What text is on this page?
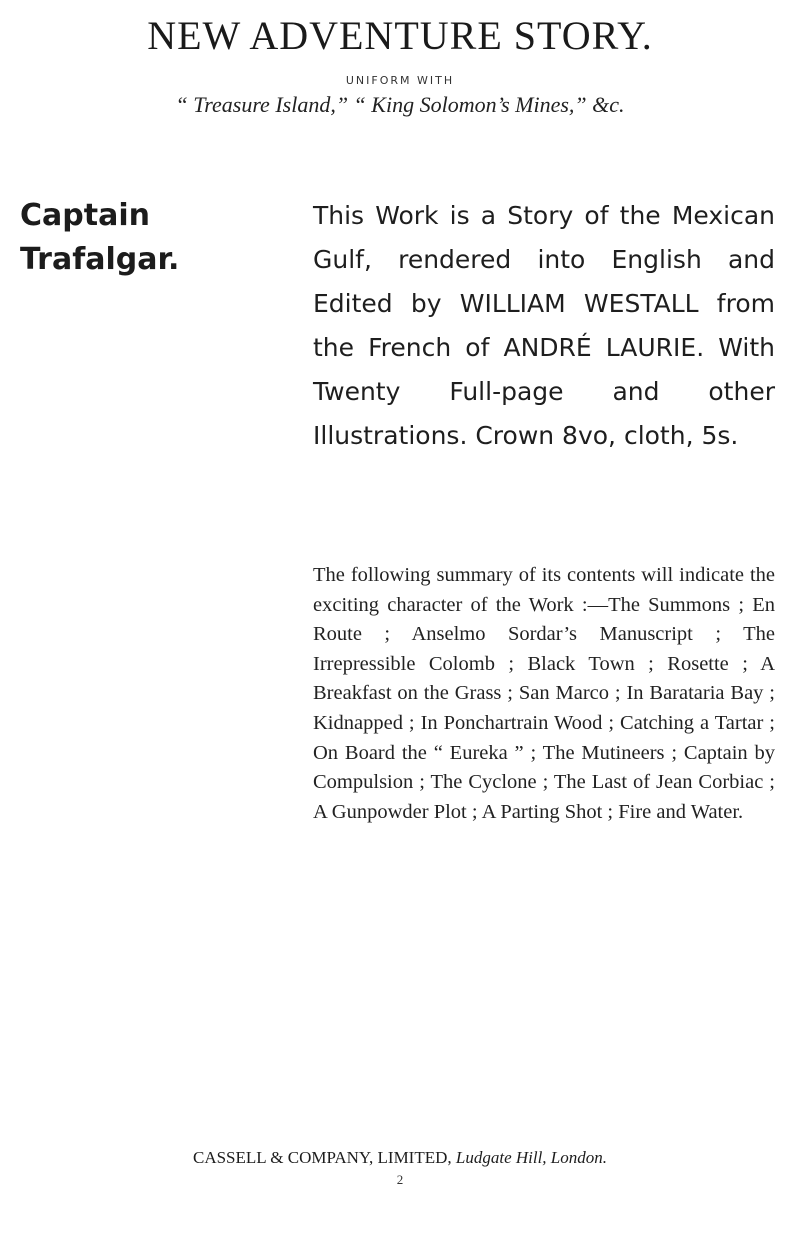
NEW ADVENTURE STORY.
UNIFORM WITH
“ Treasure Island,” “ King Solomon’s Mines,” &c.
Captain
Trafalgar.

This Work is a Story of the Mexican Gulf, rendered into English and Edited by WILLIAM WESTALL from the French of ANDRÉ LAURIE. With Twenty Full-page and other Illustrations. Crown 8vo, cloth, 5s.

The following summary of its contents will indicate the exciting character of the Work :—The Summons ; En Route ; Anselmo Sordar’s Manuscript ; The Irrepressible Colomb ; Black Town ; Rosette ; A Breakfast on the Grass ; San Marco ; In Barataria Bay ; Kidnapped ; In Ponchartrain Wood ; Catching a Tartar ; On Board the “ Eureka ” ; The Mutineers ; Captain by Compulsion ; The Cyclone ; The Last of Jean Corbiac ; A Gunpowder Plot ; A Parting Shot ; Fire and Water.

CASSELL & COMPANY, LIMITED, Ludgate Hill, London.
2
